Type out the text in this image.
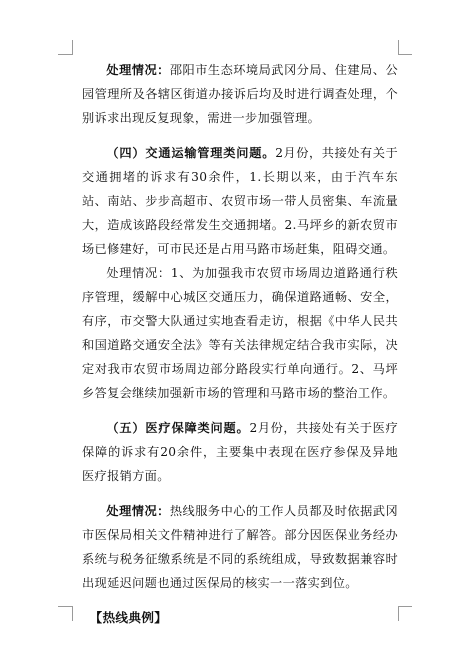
处理情况：邵阳市生态环境局武冈分局、住建局、公园管理所及各辖区街道办接诉后均及时进行调查处理，个别诉求出现反复现象，需进一步加强管理。

（四）交通运输管理类问题。2月份，共接处有关于交通拥堵的诉求有30余件，1.长期以来，由于汽车东站、南站、步步高超市、农贸市场一带人员密集、车流量大，造成该路段经常发生交通拥堵。2.马坪乡的新农贸市场已修建好，可市民还是占用马路市场赶集，阻碍交通。

处理情况：1、为加强我市农贸市场周边道路通行秩序管理，缓解中心城区交通压力，确保道路通畅、安全，有序，市交警大队通过实地查看走访，根据《中华人民共和国道路交通安全法》等有关法律规定结合我市实际，决定对我市农贸市场周边部分路段实行单向通行。2、马坪乡答复会继续加强新市场的管理和马路市场的整治工作。

（五）医疗保障类问题。2月份，共接处有关于医疗保障的诉求有20余件，主要集中表现在医疗参保及异地医疗报销方面。

处理情况：热线服务中心的工作人员都及时依据武冈市医保局相关文件精神进行了解答。部分因医保业务经办系统与税务征缴系统是不同的系统组成，导致数据兼容时出现延迟问题也通过医保局的核实一一落实到位。

【热线典例】
